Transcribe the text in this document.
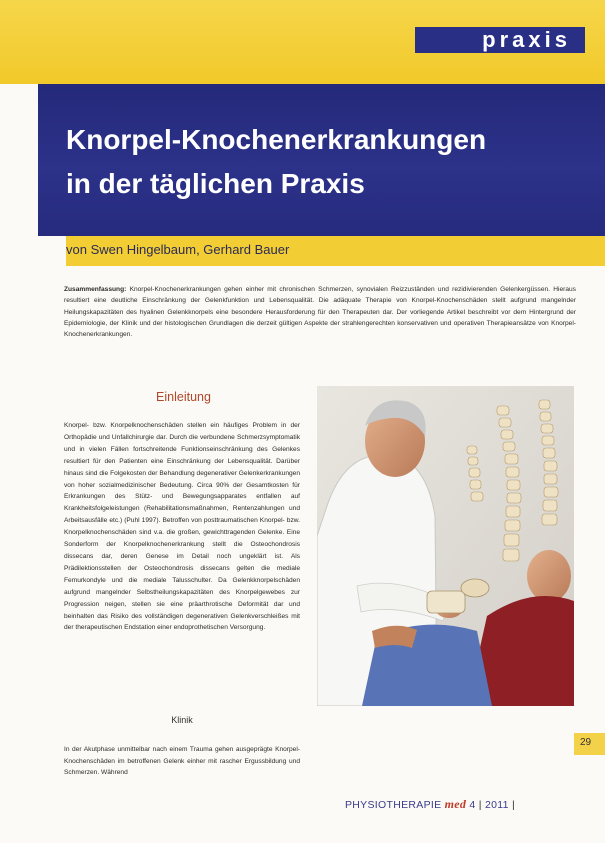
praxis
Knorpel-Knochenerkrankungen
in der täglichen Praxis
von Swen Hingelbaum, Gerhard Bauer

Zusammenfassung: Knorpel-Knochenerkrankungen gehen einher mit chronischen Schmerzen, synovialen Reizzuständen und rezidivierenden Gelenkergüssen. Hieraus resultiert eine deutliche Einschränkung der Gelenkfunktion und Lebensqualität. Die adäquate Therapie von Knorpel-Knochenschäden stellt aufgrund mangelnder Heilungskapazitäten des hyalinen Gelenkknorpels eine besondere Herausforderung für den Therapeuten dar. Der vorliegende Artikel beschreibt vor dem Hintergrund der Epidemiologie, der Klinik und der histologischen Grundlagen die derzeit gültigen Aspekte der strahlengerechten konservativen und operativen Therapieansätze von Knorpel-Knochenerkrankungen.

Einleitung

Knorpel- bzw. Knorpelknochenschäden stellen ein häufiges Problem in der Orthopädie und Unfallchirurgie dar. Durch die verbundene Schmerzsymptomatik und in vielen Fällen fortschreitende Funktionseinschränkung des Gelenkes resultiert für den Patienten eine Einschränkung der Lebensqualität. Darüber hinaus sind die Folgekosten der Behandlung degenerativer Gelenkerkrankungen von hoher sozialmedizinischer Bedeutung. Circa 90% der Gesamtkosten für Erkrankungen des Stütz- und Bewegungsapparates entfallen auf Krankheitsfolgeleistungen (Rehabilitationsmaßnahmen, Rentenzahlungen und Arbeitsausfälle etc.) (Puhl 1997). Betroffen von posttraumatischen Knorpel- bzw. Knorpelknochenschäden sind v.a. die großen, gewichttragenden Gelenke. Eine Sonderform der Knorpelknochenerkrankung stellt die Osteochondrosis dissecans dar, deren Genese im Detail noch ungeklärt ist. Als Prädilektionsstellen der Osteochondrosis dissecans gelten die mediale Femurkondyle und die mediale Talusschulter. Da Gelenkknorpelschäden aufgrund mangelnder Selbstheilungskapazitäten des Knorpelgewebes zur Progression neigen, stellen sie eine präarthrotische Deformität dar und beinhalten das Risiko des vollständigen degenerativen Gelenkverschleißes mit der therapeutischen Endstation einer endoprothetischen Versorgung.

Klinik

In der Akutphase unmittelbar nach einem Trauma gehen ausgeprägte Knorpel-Knochenschäden im betroffenen Gelenk einher mit rascher Ergussbildung und Schmerzen. Während

29
PHYSIOTHERAPIE med 4 | 2011 |
